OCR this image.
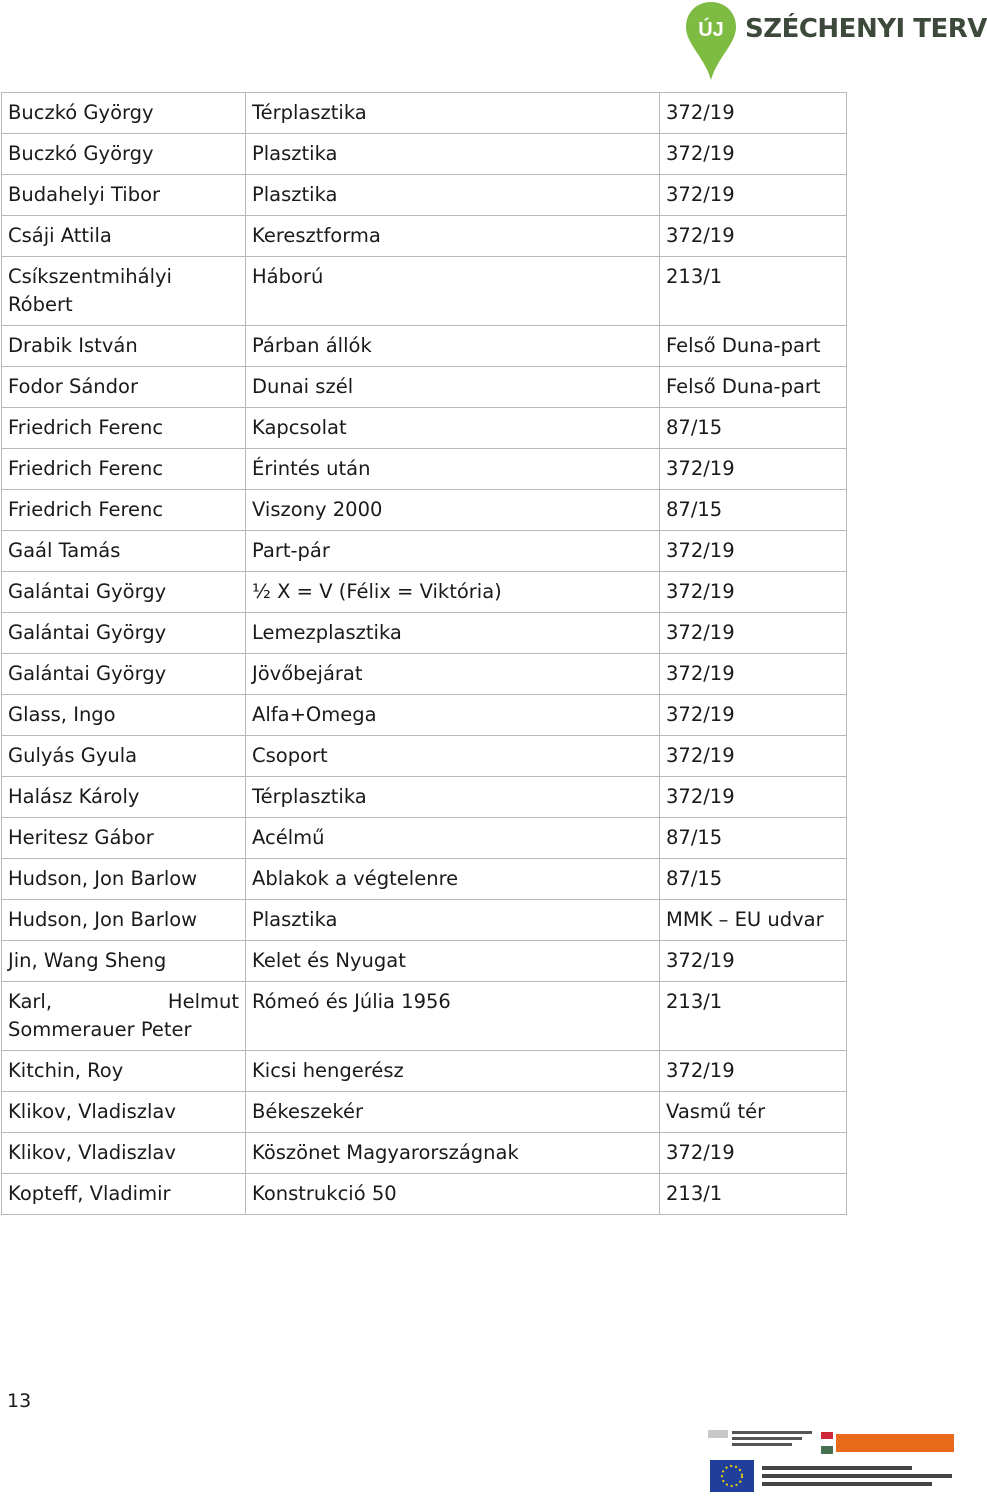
ÚJ SZÉCHENYI TERV
Buczkó György	Térplasztika	372/19
Buczkó György	Plasztika	372/19
Budahelyi Tibor	Plasztika	372/19
Csáji Attila	Keresztforma	372/19
Csíkszentmihályi Róbert	Háború	213/1
Drabik István	Párban állók	Felső Duna-part
Fodor Sándor	Dunai szél	Felső Duna-part
Friedrich Ferenc	Kapcsolat	87/15
Friedrich Ferenc	Érintés után	372/19
Friedrich Ferenc	Viszony 2000	87/15
Gaál Tamás	Part-pár	372/19
Galántai György	½ X = V (Félix = Viktória)	372/19
Galántai György	Lemezplasztika	372/19
Galántai György	Jövőbejárat	372/19
Glass, Ingo	Alfa+Omega	372/19
Gulyás Gyula	Csoport	372/19
Halász Károly	Térplasztika	372/19
Heritesz Gábor	Acélmű	87/15
Hudson, Jon Barlow	Ablakok a végtelenre	87/15
Hudson, Jon Barlow	Plasztika	MMK – EU udvar
Jin, Wang Sheng	Kelet és Nyugat	372/19
Karl, Helmut Sommerauer Peter	Rómeó és Júlia 1956	213/1
Kitchin, Roy	Kicsi hengerész	372/19
Klikov, Vladiszlav	Békeszekér	Vasmű tér
Klikov, Vladiszlav	Köszönet Magyarországnak	372/19
Kopteff, Vladimir	Konstrukció 50	213/1
13
